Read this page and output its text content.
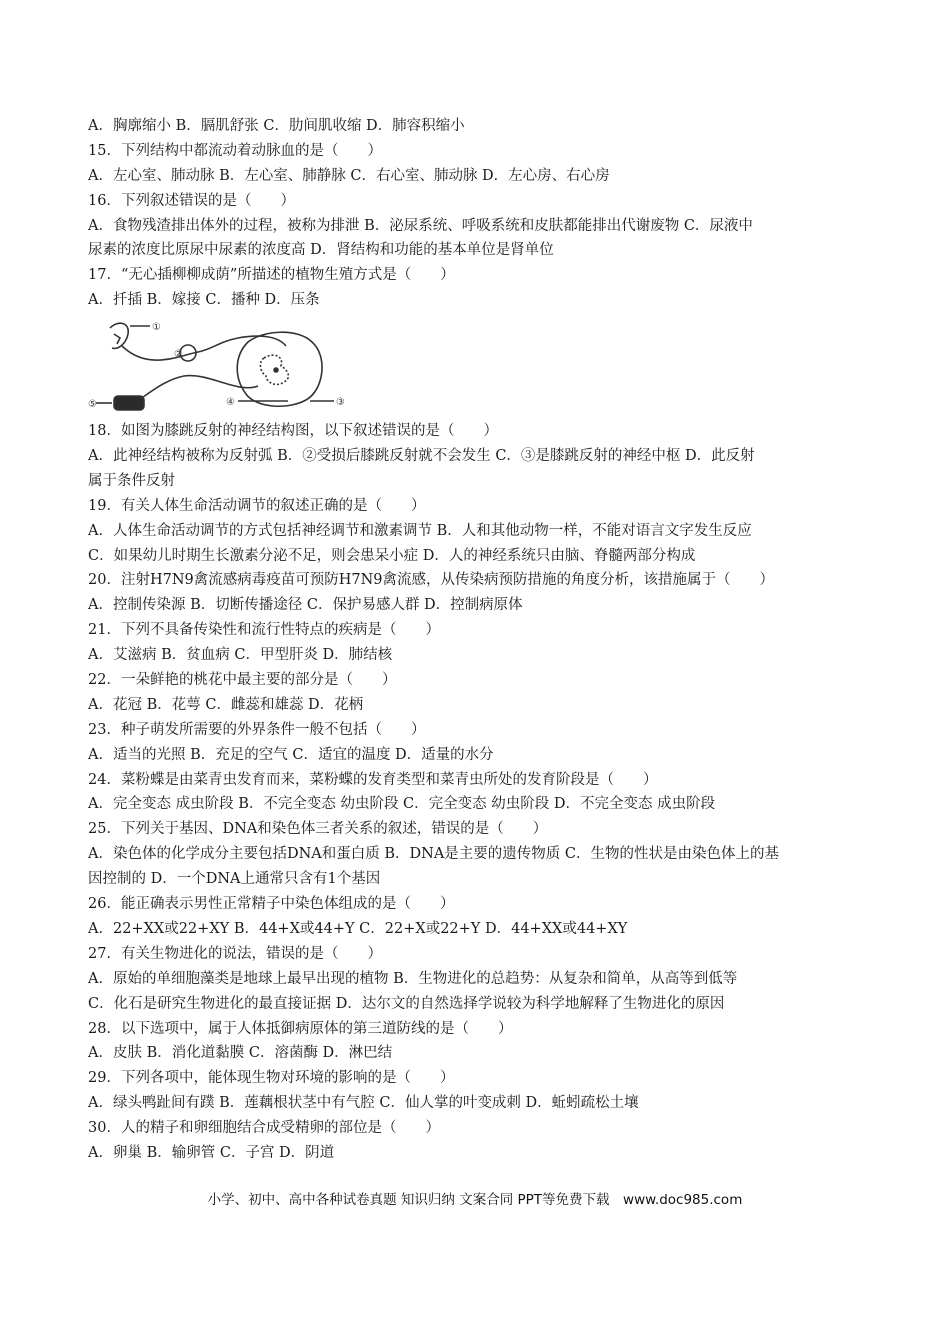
A．胸廓缩小 B．膈肌舒张 C．肋间肌收缩 D．肺容积缩小
15．下列结构中都流动着动脉血的是（　　）
A．左心室、肺动脉 B．左心室、肺静脉 C．右心室、肺动脉 D．左心房、右心房
16．下列叙述错误的是（　　）
A．食物残渣排出体外的过程，被称为排泄 B．泌尿系统、呼吸系统和皮肤都能排出代谢废物 C．尿液中
尿素的浓度比原尿中尿素的浓度高 D．肾结构和功能的基本单位是肾单位
17．“无心插柳柳成荫”所描述的植物生殖方式是（　　）
A．扦插 B．嫁接 C．播种 D．压条
①
②
③
④
⑤
18．如图为膝跳反射的神经结构图，以下叙述错误的是（　　）
A．此神经结构被称为反射弧 B．②受损后膝跳反射就不会发生 C．③是膝跳反射的神经中枢 D．此反射
属于条件反射
19．有关人体生命活动调节的叙述正确的是（　　）
A．人体生命活动调节的方式包括神经调节和激素调节 B．人和其他动物一样，不能对语言文字发生反应
C．如果幼儿时期生长激素分泌不足，则会患呆小症 D．人的神经系统只由脑、脊髓两部分构成
20．注射H7N9禽流感病毒疫苗可预防H7N9禽流感，从传染病预防措施的角度分析，该措施属于（　　）
A．控制传染源 B．切断传播途径 C．保护易感人群 D．控制病原体
21．下列不具备传染性和流行性特点的疾病是（　　）
A．艾滋病 B．贫血病 C．甲型肝炎 D．肺结核
22．一朵鲜艳的桃花中最主要的部分是（　　）
A．花冠 B．花萼 C．雌蕊和雄蕊 D．花柄
23．种子萌发所需要的外界条件一般不包括（　　）
A．适当的光照 B．充足的空气 C．适宜的温度 D．适量的水分
24．菜粉蝶是由菜青虫发育而来，菜粉蝶的发育类型和菜青虫所处的发育阶段是（　　）
A．完全变态 成虫阶段 B．不完全变态 幼虫阶段 C．完全变态 幼虫阶段 D．不完全变态 成虫阶段
25．下列关于基因、DNA和染色体三者关系的叙述，错误的是（　　）
A．染色体的化学成分主要包括DNA和蛋白质 B．DNA是主要的遗传物质 C．生物的性状是由染色体上的基
因控制的 D．一个DNA上通常只含有1个基因
26．能正确表示男性正常精子中染色体组成的是（　　）
A．22+XX或22+XY B．44+X或44+Y C．22+X或22+Y D．44+XX或44+XY
27．有关生物进化的说法，错误的是（　　）
A．原始的单细胞藻类是地球上最早出现的植物 B．生物进化的总趋势：从复杂和简单，从高等到低等
C．化石是研究生物进化的最直接证据 D．达尔文的自然选择学说较为科学地解释了生物进化的原因
28．以下选项中，属于人体抵御病原体的第三道防线的是（　　）
A．皮肤 B．消化道黏膜 C．溶菌酶 D．淋巴结
29．下列各项中，能体现生物对环境的影响的是（　　）
A．绿头鸭趾间有蹼 B．莲藕根状茎中有气腔 C．仙人掌的叶变成刺 D．蚯蚓疏松土壤
30．人的精子和卵细胞结合成受精卵的部位是（　　）
A．卵巢 B．输卵管 C．子宫 D．阴道
小学、初中、高中各种试卷真题 知识归纳 文案合同 PPT等免费下载　www.doc985.com
